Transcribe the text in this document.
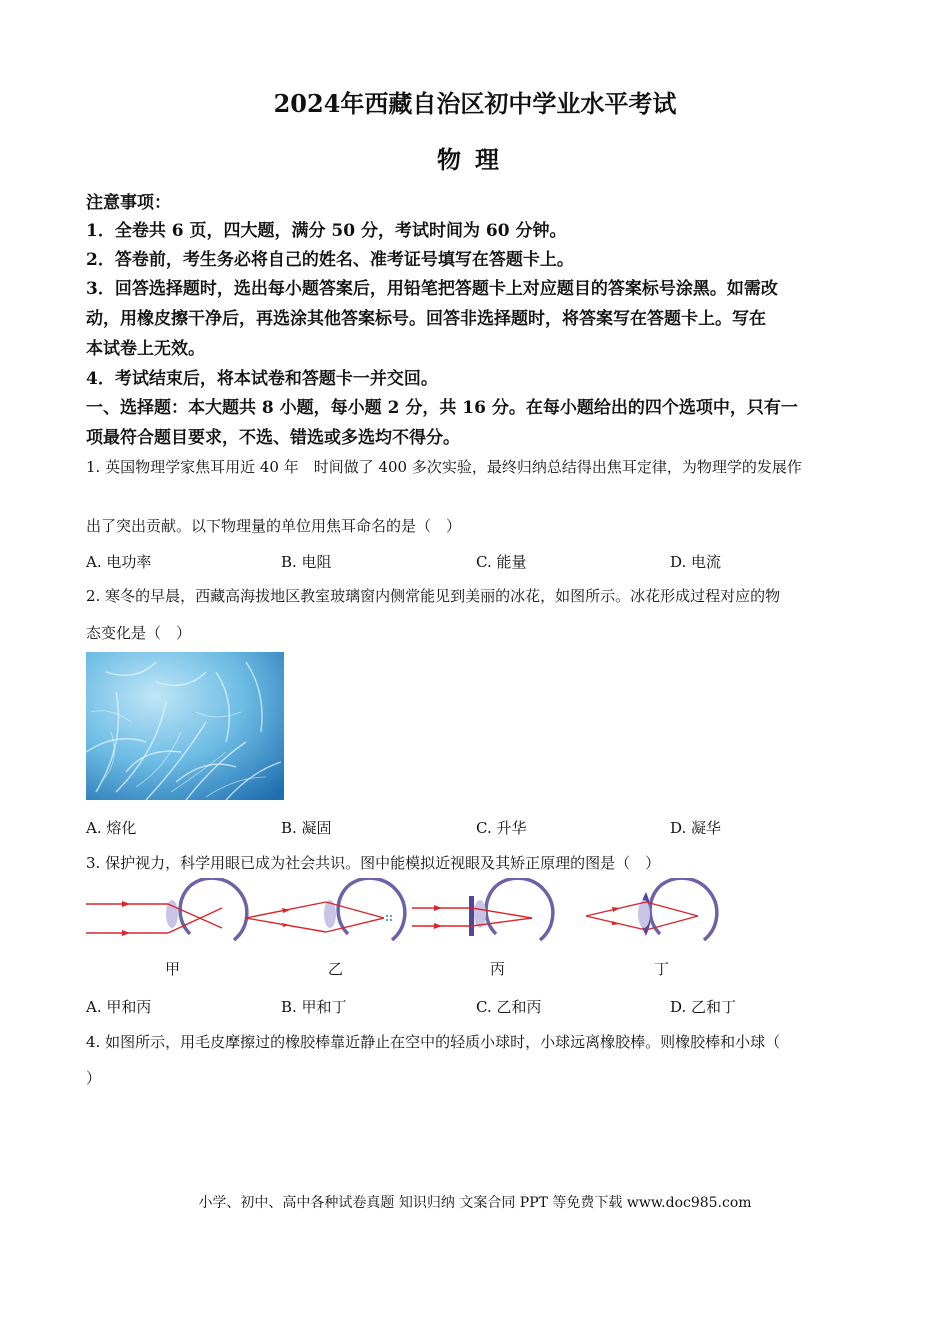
2024年西藏自治区初中学业水平考试
物理
注意事项：
1．全卷共 6 页，四大题，满分 50 分，考试时间为 60 分钟。
2．答卷前，考生务必将自己的姓名、准考证号填写在答题卡上。
3．回答选择题时，选出每小题答案后，用铅笔把答题卡上对应题目的答案标号涂黑。如需改
动，用橡皮擦干净后，再选涂其他答案标号。回答非选择题时，将答案写在答题卡上。写在
本试卷上无效。
4．考试结束后，将本试卷和答题卡一并交回。
一、选择题：本大题共 8 小题，每小题 2 分，共 16 分。在每小题给出的四个选项中，只有一
项最符合题目要求，不选、错选或多选均不得分。
1. 英国物理学家焦耳用近 40 年　时间做了 400 多次实验，最终归纳总结得出焦耳定律，为物理学的发展作
出了突出贡献。以下物理量的单位用焦耳命名的是（　）
A. 电功率	B. 电阻	C. 能量	D. 电流
2. 寒冬的早晨，西藏高海拔地区教室玻璃窗内侧常能见到美丽的冰花，如图所示。冰花形成过程对应的物
态变化是（　）
A. 熔化	B. 凝固	C. 升华	D. 凝华
3. 保护视力，科学用眼已成为社会共识。图中能模拟近视眼及其矫正原理的图是（　）
甲	乙	丙	丁
A. 甲和丙	B. 甲和丁	C. 乙和丙	D. 乙和丁
4. 如图所示，用毛皮摩擦过的橡胶棒靠近静止在空中的轻质小球时，小球远离橡胶棒。则橡胶棒和小球（
）
小学、初中、高中各种试卷真题 知识归纳 文案合同 PPT 等免费下载 www.doc985.com
